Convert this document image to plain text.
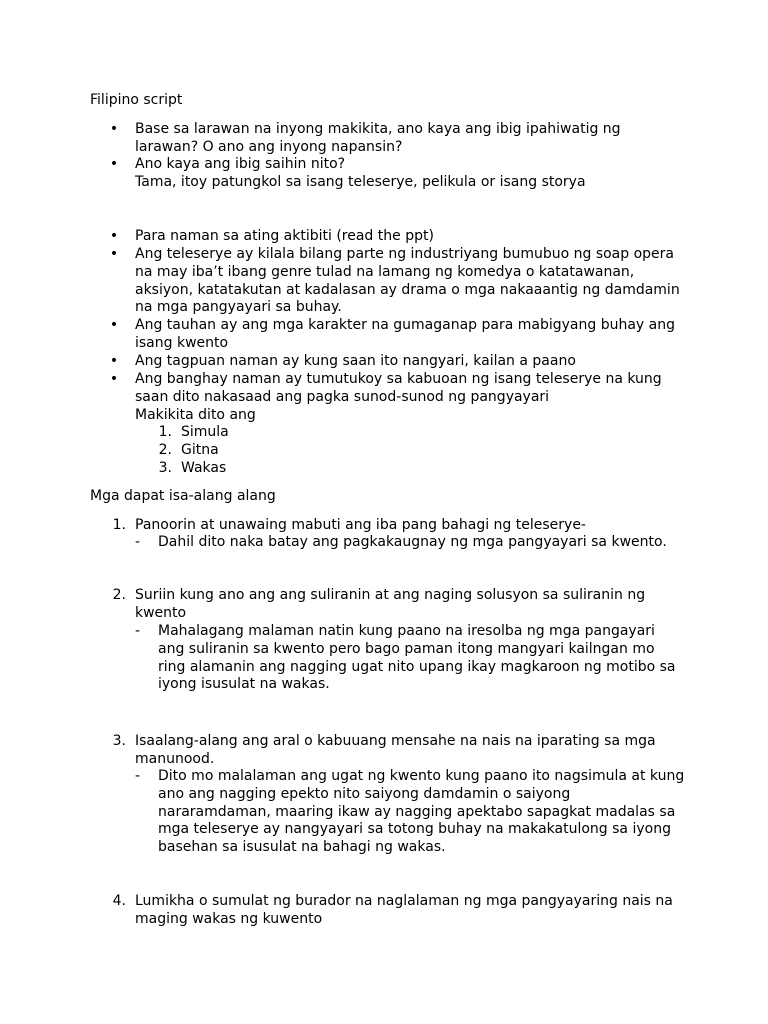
Filipino script
• Base sa larawan na inyong makikita, ano kaya ang ibig ipahiwatig ng
larawan? O ano ang inyong napansin?
• Ano kaya ang ibig saihin nito?
Tama, itoy patungkol sa isang teleserye, pelikula or isang storya
• Para naman sa ating aktibiti (read the ppt)
• Ang teleserye ay kilala bilang parte ng industriyang bumubuo ng soap opera
na may iba’t ibang genre tulad na lamang ng komedya o katatawanan,
aksiyon, katatakutan at kadalasan ay drama o mga nakaaantig ng damdamin
na mga pangyayari sa buhay.
• Ang tauhan ay ang mga karakter na gumaganap para mabigyang buhay ang
isang kwento
• Ang tagpuan naman ay kung saan ito nangyari, kailan a paano
• Ang banghay naman ay tumutukoy sa kabuoan ng isang teleserye na kung
saan dito nakasaad ang pagka sunod-sunod ng pangyayari
Makikita dito ang
1. Simula
2. Gitna
3. Wakas
Mga dapat isa-alang alang
1. Panoorin at unawaing mabuti ang iba pang bahagi ng teleserye-
- Dahil dito naka batay ang pagkakaugnay ng mga pangyayari sa kwento.
2. Suriin kung ano ang ang suliranin at ang naging solusyon sa suliranin ng
kwento
- Mahalagang malaman natin kung paano na iresolba ng mga pangayari
ang suliranin sa kwento pero bago paman itong mangyari kailngan mo
ring alamanin ang nagging ugat nito upang ikay magkaroon ng motibo sa
iyong isusulat na wakas.
3. Isaalang-alang ang aral o kabuuang mensahe na nais na iparating sa mga
manunood.
- Dito mo malalaman ang ugat ng kwento kung paano ito nagsimula at kung
ano ang nagging epekto nito saiyong damdamin o saiyong
nararamdaman, maaring ikaw ay nagging apektabo sapagkat madalas sa
mga teleserye ay nangyayari sa totong buhay na makakatulong sa iyong
basehan sa isusulat na bahagi ng wakas.
4. Lumikha o sumulat ng burador na naglalaman ng mga pangyayaring nais na
maging wakas ng kuwento
